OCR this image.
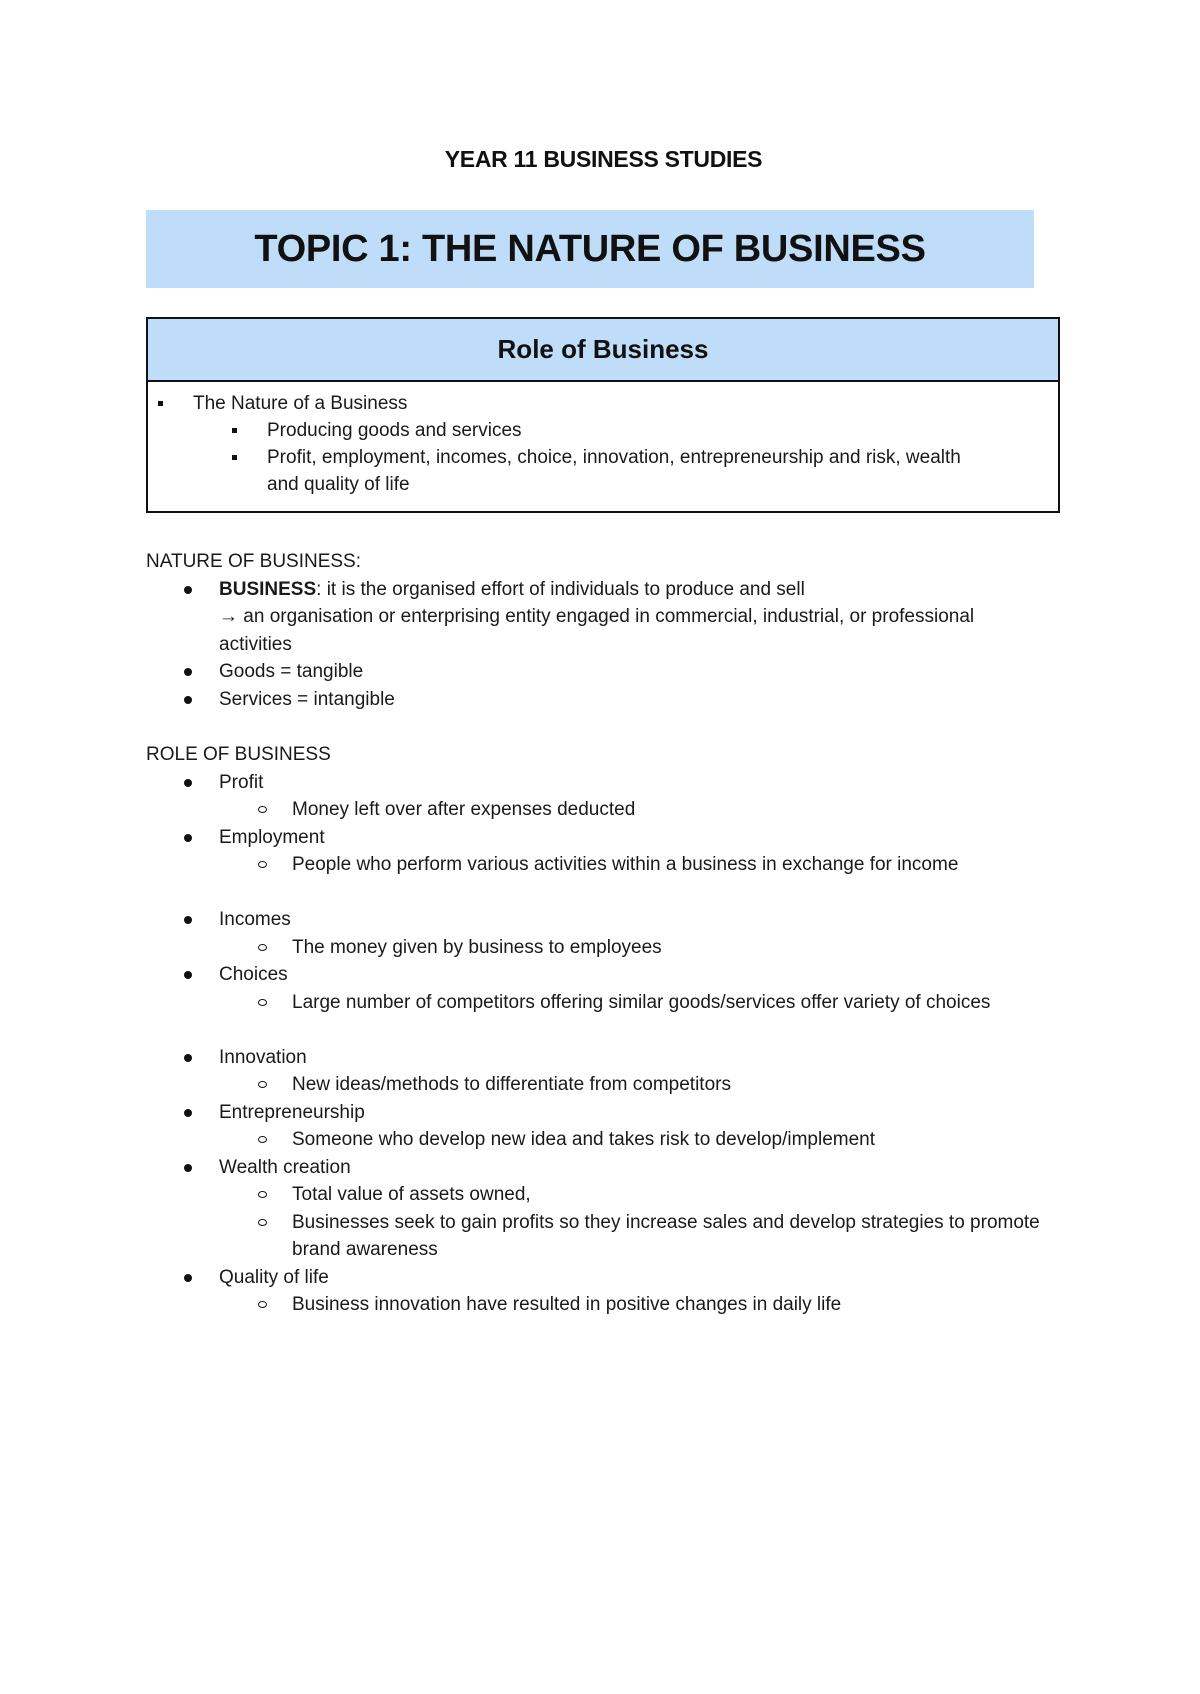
YEAR 11 BUSINESS STUDIES
TOPIC 1: THE NATURE OF BUSINESS
Role of Business
The Nature of a Business
Producing goods and services
Profit, employment, incomes, choice, innovation, entrepreneurship and risk, wealth and quality of life
NATURE OF BUSINESS:
BUSINESS: it is the organised effort of individuals to produce and sell
→ an organisation or enterprising entity engaged in commercial, industrial, or professional activities
Goods = tangible
Services = intangible
ROLE OF BUSINESS
Profit
Money left over after expenses deducted
Employment
People who perform various activities within a business in exchange for income
Incomes
The money given by business to employees
Choices
Large number of competitors offering similar goods/services offer variety of choices
Innovation
New ideas/methods to differentiate from competitors
Entrepreneurship
Someone who develop new idea and takes risk to develop/implement
Wealth creation
Total value of assets owned,
Businesses seek to gain profits so they increase sales and develop strategies to promote brand awareness
Quality of life
Business innovation have resulted in positive changes in daily life
